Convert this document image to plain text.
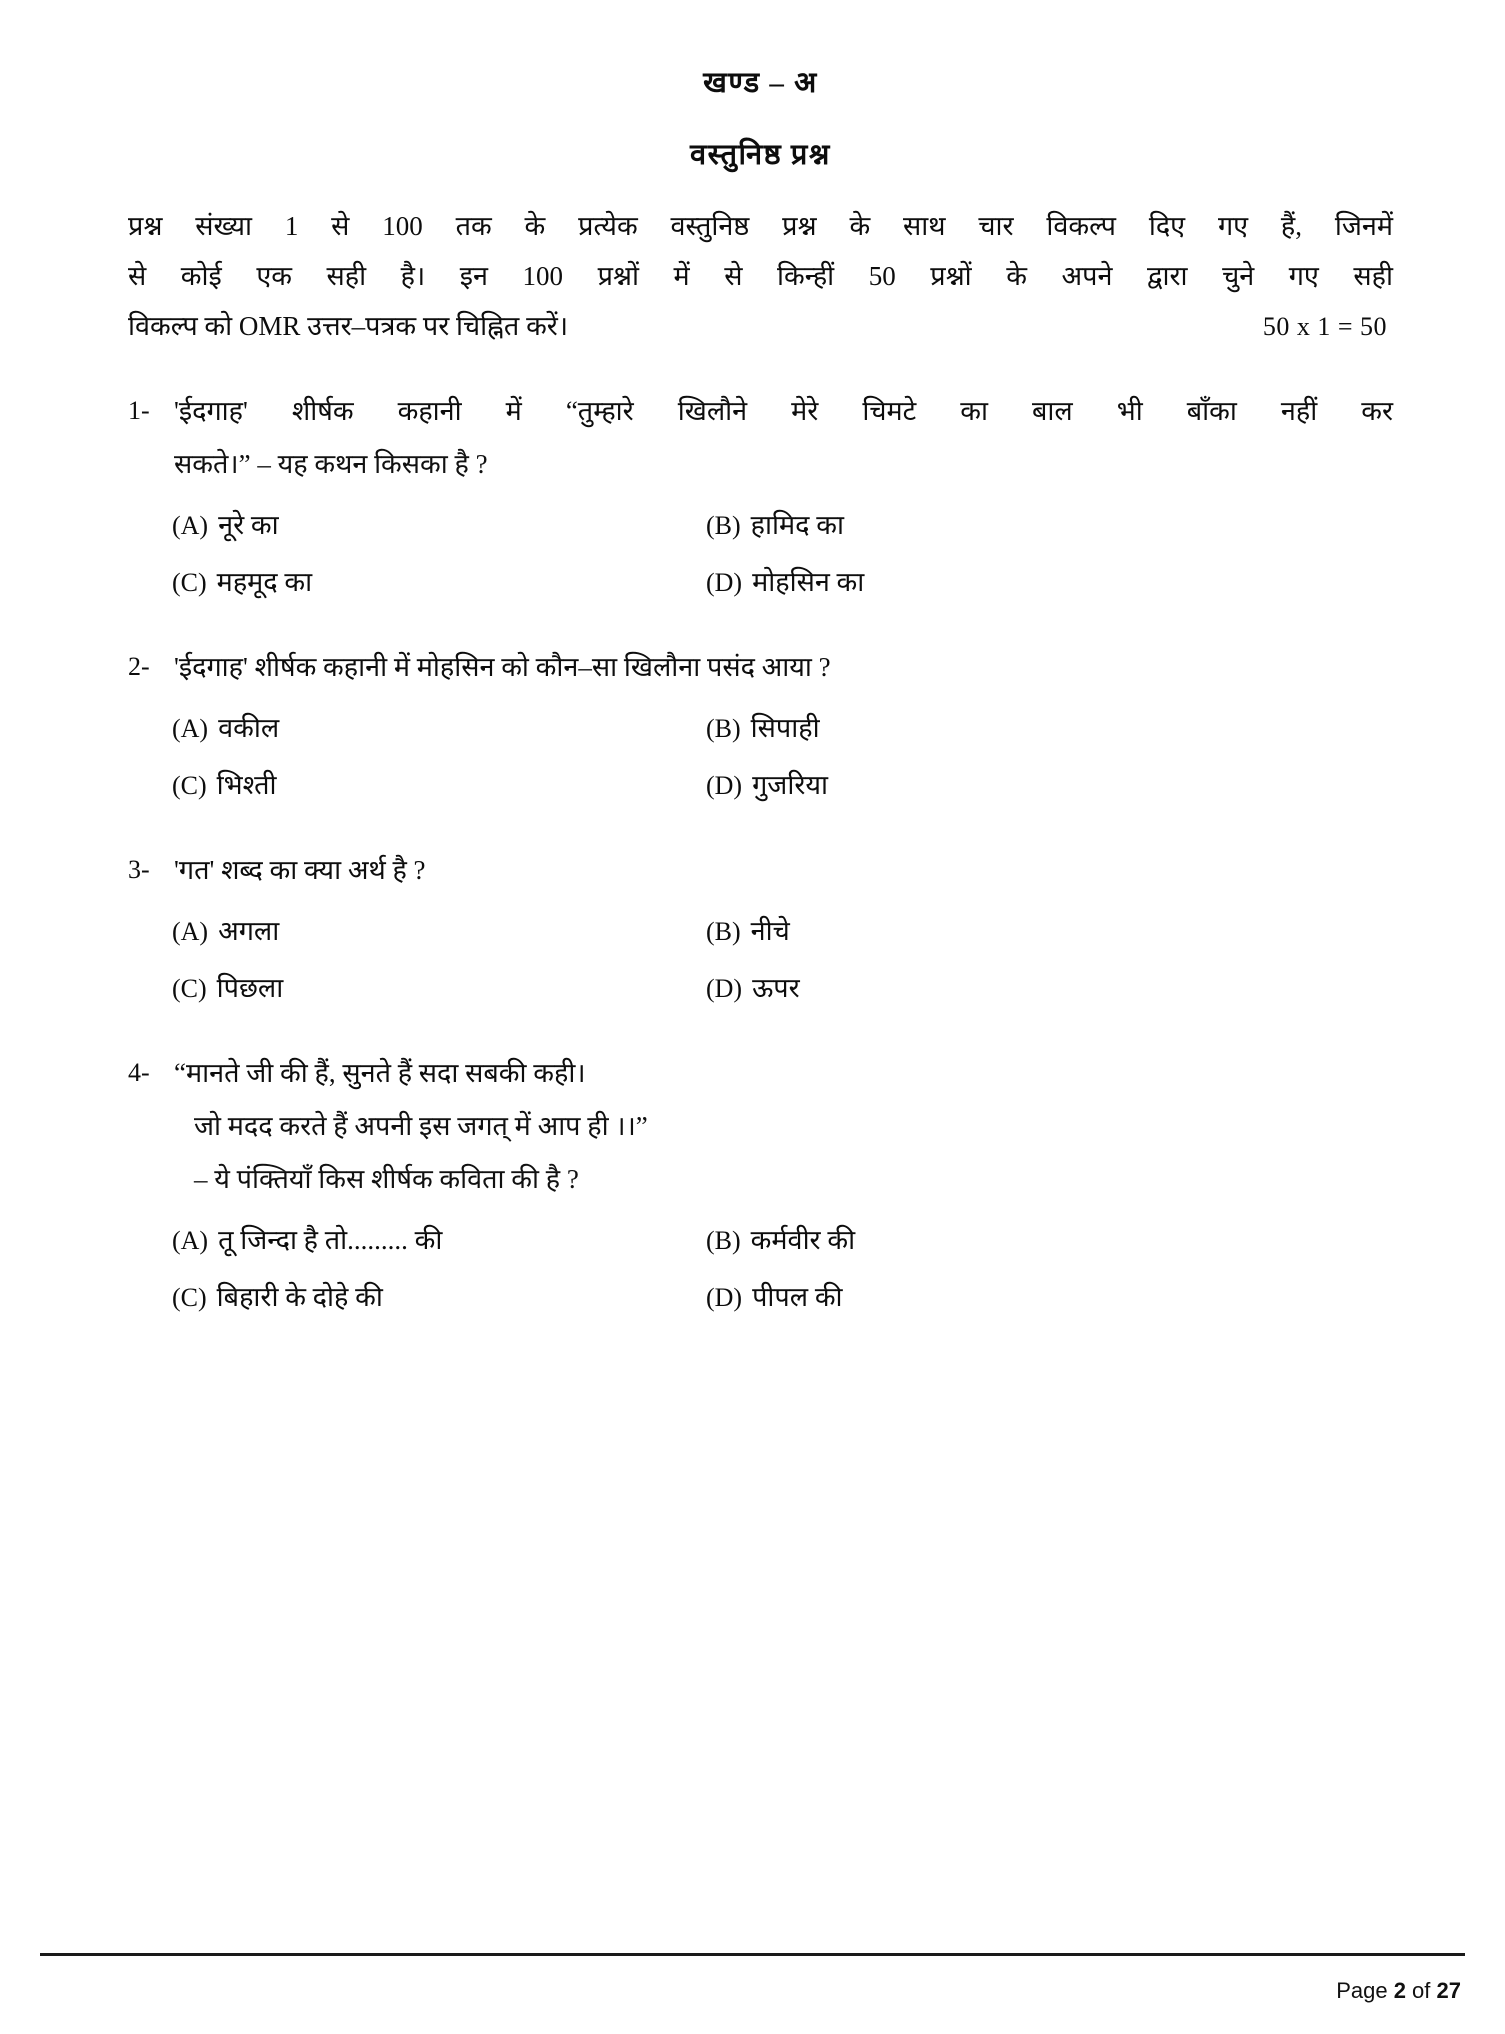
खण्ड – अ
वस्तुनिष्ठ प्रश्न
प्रश्न संख्या 1 से 100 तक के प्रत्येक वस्तुनिष्ठ प्रश्न के साथ चार विकल्प दिए गए हैं, जिनमें
से कोई एक सही है। इन 100 प्रश्नों में से किन्हीं 50 प्रश्नों के अपने द्वारा चुने गए सही
विकल्प को OMR उत्तर–पत्रक पर चिह्नित करें।	50 x 1 = 50
1- 'ईदगाह' शीर्षक कहानी में “तुम्हारे खिलौने मेरे चिमटे का बाल भी बाँका नहीं कर
सकते।” – यह कथन किसका है ?
(A) नूरे का	(B) हामिद का
(C) महमूद का	(D) मोहसिन का
2- 'ईदगाह' शीर्षक कहानी में मोहसिन को कौन–सा खिलौना पसंद आया ?
(A) वकील	(B) सिपाही
(C) भिश्ती	(D) गुजरिया
3- 'गत' शब्द का क्या अर्थ है ?
(A) अगला	(B) नीचे
(C) पिछला	(D) ऊपर
4- “मानते जी की हैं, सुनते हैं सदा सबकी कही।
जो मदद करते हैं अपनी इस जगत् में आप ही ।।”
– ये पंक्तियाँ किस शीर्षक कविता की है ?
(A) तू जिन्दा है तो......... की	(B) कर्मवीर की
(C) बिहारी के दोहे की	(D) पीपल की
Page 2 of 27
